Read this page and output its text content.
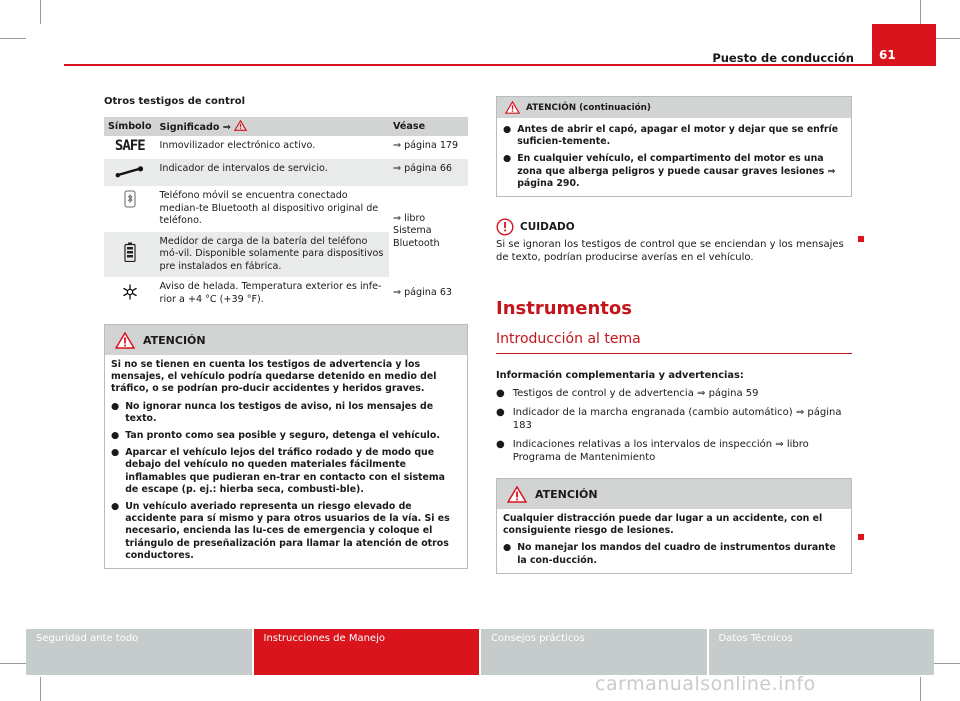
Puesto de conducción 61
Otros testigos de control
Símbolo	Significado ⇒	Véase
SAFE	Inmovilizador electrónico activo.	⇒ página 179

	Indicador de intervalos de servicio.	⇒ página 66

	Teléfono móvil se encuentra conectado median-te Bluetooth al dispositivo original de teléfono.	⇒ libro Sistema Bluetooth

	Medidor de carga de la batería del teléfono mó-vil. Disponible solamente para dispositivos pre instalados en fábrica.	

	Aviso de helada. Temperatura exterior es infe-rior a +4 °C (+39 °F).	⇒ página 63
ATENCIÓN

Si no se tienen en cuenta los testigos de advertencia y los mensajes, el vehículo podría quedarse detenido en medio del tráfico, o se podrían pro-ducir accidentes y heridos graves.

● No ignorar nunca los testigos de aviso, ni los mensajes de texto.

● Tan pronto como sea posible y seguro, detenga el vehículo.

● Aparcar el vehículo lejos del tráfico rodado y de modo que debajo del vehículo no queden materiales fácilmente inflamables que pudieran en-trar en contacto con el sistema de escape (p. ej.: hierba seca, combusti-ble).

● Un vehículo averiado representa un riesgo elevado de accidente para sí mismo y para otros usuarios de la vía. Si es necesario, encienda las lu-ces de emergencia y coloque el triángulo de preseñalización para llamar la atención de otros conductores.

ATENCIÓN (continuación)

● Antes de abrir el capó, apagar el motor y dejar que se enfríe suficien-temente.

● En cualquier vehículo, el compartimento del motor es una zona que alberga peligros y puede causar graves lesiones ⇒ página 290.

CUIDADO
Si se ignoran los testigos de control que se enciendan y los mensajes de texto, podrían producirse averías en el vehículo.
Instrumentos
Introducción al tema
Información complementaria y advertencias:
● Testigos de control y de advertencia ⇒ página 59
● Indicador de la marcha engranada (cambio automático) ⇒ página 183
● Indicaciones relativas a los intervalos de inspección ⇒ libro Programa de Mantenimiento
ATENCIÓN

Cualquier distracción puede dar lugar a un accidente, con el consiguiente riesgo de lesiones.

● No manejar los mandos del cuadro de instrumentos durante la con-ducción.

Seguridad ante todo	Instrucciones de Manejo	Consejos prácticos	Datos Técnicos
carmanualsonline.info
